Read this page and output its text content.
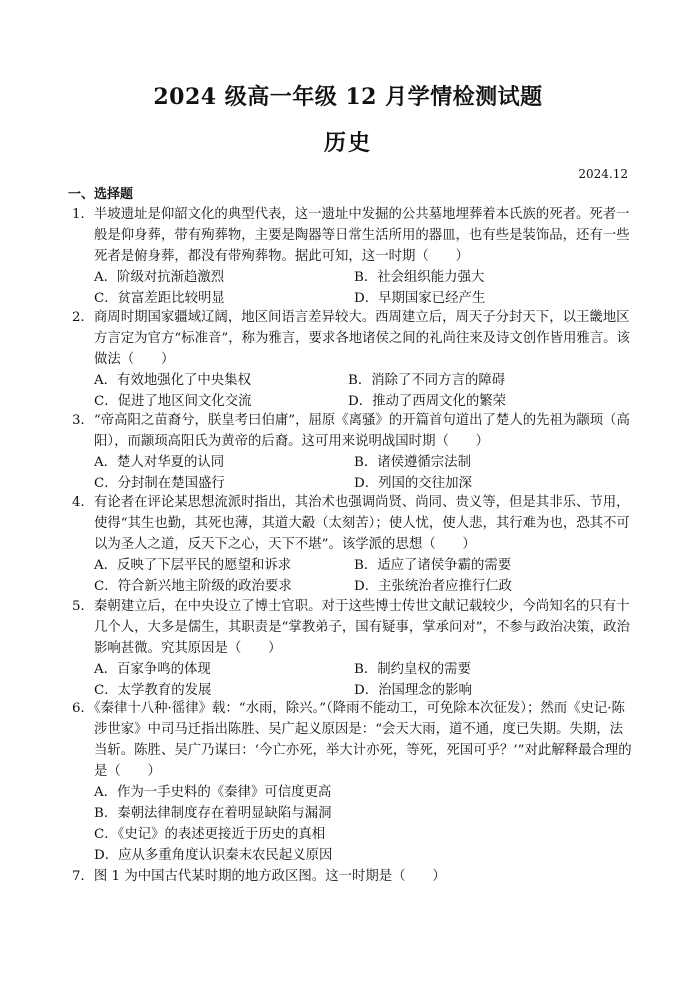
2024 级高一年级 12 月学情检测试题
历史
2024.12
一、选择题
1．半坡遗址是仰韶文化的典型代表，这一遗址中发掘的公共墓地埋葬着本氏族的死者。死者一般是仰身葬，带有殉葬物，主要是陶器等日常生活所用的器皿，也有些是装饰品，还有一些死者是俯身葬，都没有带殉葬物。据此可知，这一时期（　　）
A．阶级对抗渐趋激烈	B．社会组织能力强大
C．贫富差距比较明显	D．早期国家已经产生
2．商周时期国家疆域辽阔，地区间语言差异较大。西周建立后，周天子分封天下，以王畿地区方言定为官方“标准音”，称为雅言，要求各地诸侯之间的礼尚往来及诗文创作皆用雅言。该做法（　　）
A．有效地强化了中央集权	B．消除了不同方言的障碍
C．促进了地区间文化交流	D．推动了西周文化的繁荣
3．“帝高阳之苗裔兮，朕皇考曰伯庸”，屈原《离骚》的开篇首句道出了楚人的先祖为颛顼（高阳），而颛顼高阳氏为黄帝的后裔。这可用来说明战国时期（　　）
A．楚人对华夏的认同	B．诸侯遵循宗法制
C．分封制在楚国盛行	D．列国的交往加深
4．有论者在评论某思想流派时指出，其治术也强调尚贤、尚同、贵义等，但是其非乐、节用，使得“其生也勤，其死也薄，其道大觳（太刻苦）；使人忧，使人悲，其行难为也，恐其不可以为圣人之道，反天下之心，天下不堪”。该学派的思想（　　）
A．反映了下层平民的愿望和诉求	B．适应了诸侯争霸的需要
C．符合新兴地主阶级的政治要求	D．主张统治者应推行仁政
5．秦朝建立后，在中央设立了博士官职。对于这些博士传世文献记载较少，今尚知名的只有十几个人，大多是儒生，其职责是“掌教弟子，国有疑事，掌承问对”，不参与政治决策，政治影响甚微。究其原因是（　　）
A．百家争鸣的体现	B．制约皇权的需要
C．太学教育的发展	D．治国理念的影响
6．《秦律十八种·徭律》载：“水雨，除兴。”（降雨不能动工，可免除本次征发）；然而《史记·陈涉世家》中司马迁指出陈胜、吴广起义原因是：“会天大雨，道不通，度已失期。失期，法当斩。陈胜、吴广乃谋曰：‘今亡亦死，举大计亦死，等死，死国可乎？’”对此解释最合理的是（　　）
A．作为一手史料的《秦律》可信度更高
B．秦朝法律制度存在着明显缺陷与漏洞
C．《史记》的表述更接近于历史的真相
D．应从多重角度认识秦末农民起义原因
7．图 1 为中国古代某时期的地方政区图。这一时期是（　　）
